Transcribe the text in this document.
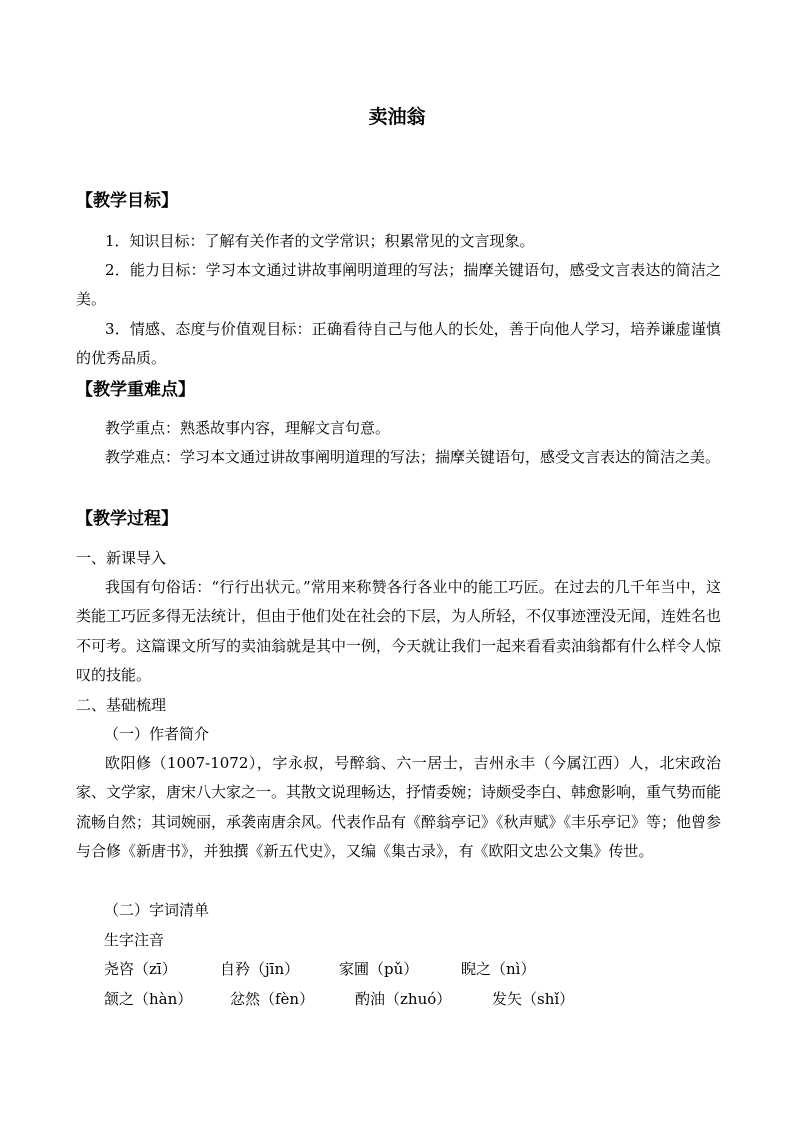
卖油翁
【教学目标】

1．知识目标：了解有关作者的文学常识；积累常见的文言现象。

2．能力目标：学习本文通过讲故事阐明道理的写法；揣摩关键语句，感受文言表达的简洁之美。

3．情感、态度与价值观目标：正确看待自己与他人的长处，善于向他人学习，培养谦虚谨慎的优秀品质。

【教学重难点】

教学重点：熟悉故事内容，理解文言句意。

教学难点：学习本文通过讲故事阐明道理的写法；揣摩关键语句，感受文言表达的简洁之美。

【教学过程】
一、新课导入

我国有句俗话：“行行出状元。”常用来称赞各行各业中的能工巧匠。在过去的几千年当中，这类能工巧匠多得无法统计，但由于他们处在社会的下层，为人所轻，不仅事迹湮没无闻，连姓名也不可考。这篇课文所写的卖油翁就是其中一例，今天就让我们一起来看看卖油翁都有什么样令人惊叹的技能。

二、基础梳理
（一）作者简介

欧阳修（1007-1072），字永叔，号醉翁、六一居士，吉州永丰（今属江西）人，北宋政治家、文学家，唐宋八大家之一。其散文说理畅达，抒情委婉；诗颇受李白、韩愈影响，重气势而能流畅自然；其词婉丽，承袭南唐余风。代表作品有《醉翁亭记》《秋声赋》《丰乐亭记》等；他曾参与合修《新唐书》，并独撰《新五代史》，又编《集古录》，有《欧阳文忠公文集》传世。

（二）字词清单
生字注音
尧咨（zī）	自矜（jīn）	家圃（pǔ）	睨之（nì）
颔之（hàn）	忿然（fèn）	酌油（zhuó）	发矢（shǐ）
